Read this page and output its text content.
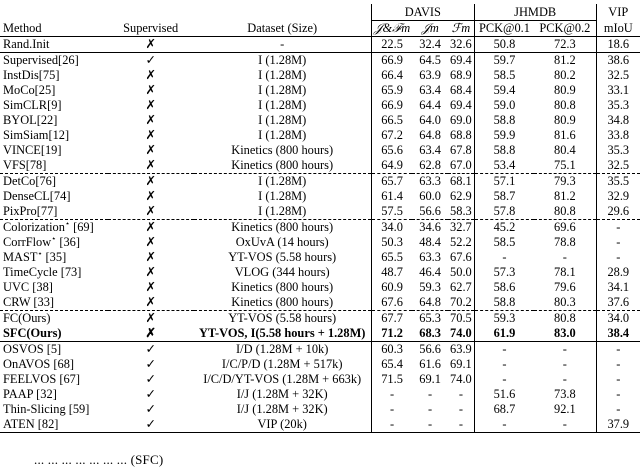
Method	Supervised	Dataset (Size)	DAVIS			JHMDB		VIP
			𝒥&ℱm	𝒥m	ℱm	PCK@0.1	PCK@0.2	mIoU
Rand.Init	✗	-	22.5	32.4	32.6	50.8	72.3	18.6
Supervised[26]	✓	I (1.28M)	66.9	64.5	69.4	59.7	81.2	38.6
InstDis[75]	✗	I (1.28M)	66.4	63.9	68.9	58.5	80.2	32.5
MoCo[25]	✗	I (1.28M)	65.9	63.4	68.4	59.4	80.9	33.1
SimCLR[9]	✗	I (1.28M)	66.9	64.4	69.4	59.0	80.8	35.3
BYOL[22]	✗	I (1.28M)	66.5	64.0	69.0	58.8	80.9	34.8
SimSiam[12]	✗	I (1.28M)	67.2	64.8	68.8	59.9	81.6	33.8
VINCE[19]	✗	Kinetics (800 hours)	65.6	63.4	67.8	58.8	80.4	35.3
VFS[78]	✗	Kinetics (800 hours)	64.9	62.8	67.0	53.4	75.1	32.5
DetCo[76]	✗	I (1.28M)	65.7	63.3	68.1	57.1	79.3	35.5
DenseCL[74]	✗	I (1.28M)	61.4	60.0	62.9	58.7	81.2	32.9
PixPro[77]	✗	I (1.28M)	57.5	56.6	58.3	57.8	80.8	29.6
Colorization⋆ [69]	✗	Kinetics (800 hours)	34.0	34.6	32.7	45.2	69.6	-
CorrFlow⋆ [36]	✗	OxUvA (14 hours)	50.3	48.4	52.2	58.5	78.8	-
MAST⋆ [35]	✗	YT-VOS (5.58 hours)	65.5	63.3	67.6	-	-	-
TimeCycle [73]	✗	VLOG (344 hours)	48.7	46.4	50.0	57.3	78.1	28.9
UVC [38]	✗	Kinetics (800 hours)	60.9	59.3	62.7	58.6	79.6	34.1
CRW [33]	✗	Kinetics (800 hours)	67.6	64.8	70.2	58.8	80.3	37.6
FC(Ours)	✗	YT-VOS (5.58 hours)	67.7	65.3	70.5	59.3	80.8	34.0
SFC(Ours)	✗	YT-VOS, I(5.58 hours + 1.28M)	71.2	68.3	74.0	61.9	83.0	38.4
OSVOS [5]	✓	I/D (1.28M + 10k)	60.3	56.6	63.9	-	-	-
OnAVOS [68]	✓	I/C/P/D (1.28M + 517k)	65.4	61.6	69.1	-	-	-
FEELVOS [67]	✓	I/C/D/YT-VOS (1.28M + 663k)	71.5	69.1	74.0	-	-	-
PAAP [32]	✓	I/J (1.28M + 32K)	-	-	-	51.6	73.8	-
Thin-Slicing [59]	✓	I/J (1.28M + 32K)	-	-	-	68.7	92.1	-
ATEN [82]	✓	VIP (20k)	-	-	-	-	-	37.9
... ... ... ... ... ... ... (SFC)
